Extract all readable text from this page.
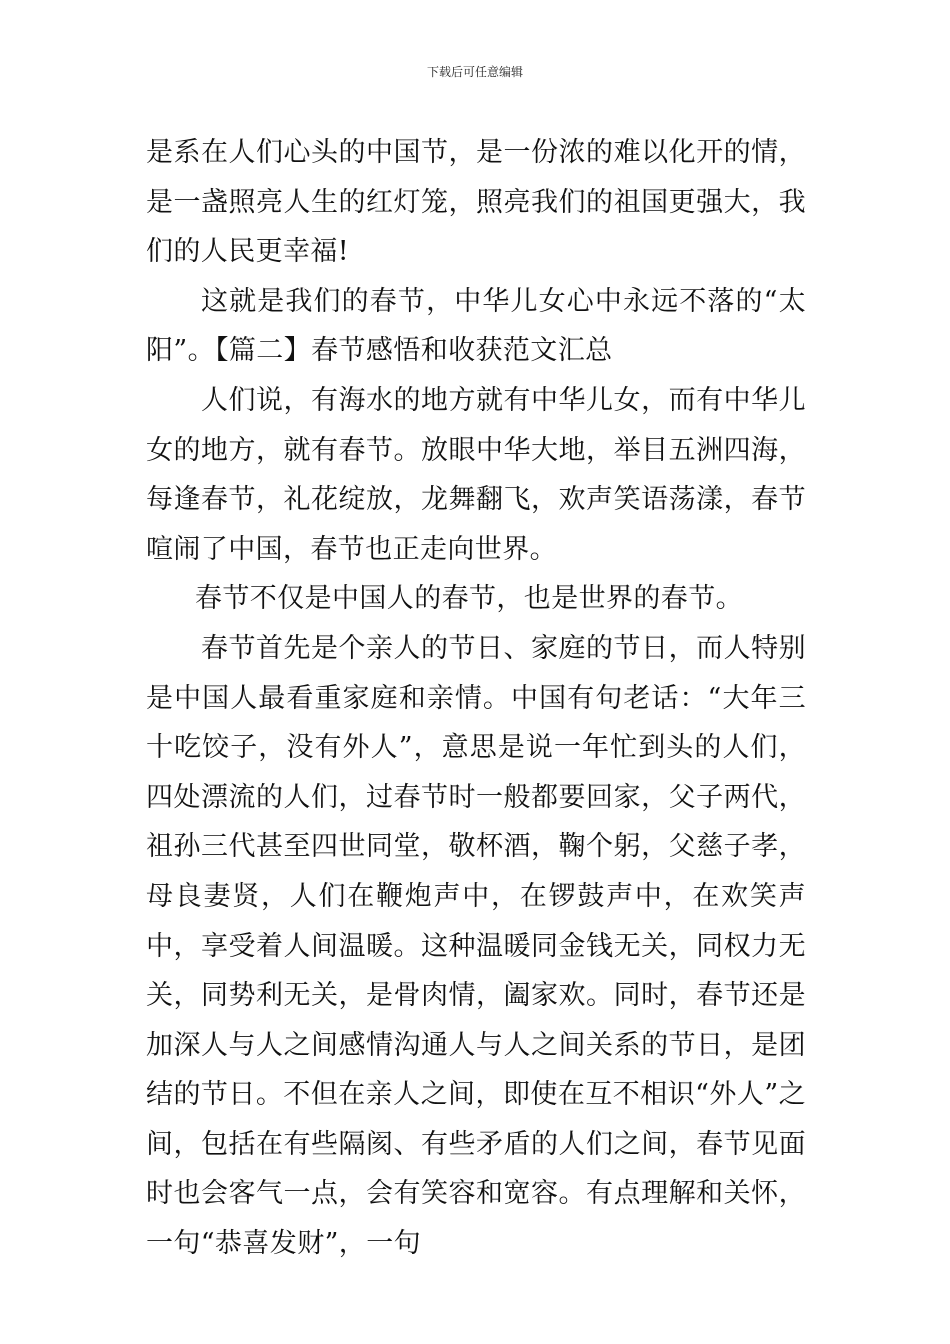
下载后可任意编辑

是系在人们心头的中国节，是一份浓的难以化开的情，是一盏照亮人生的红灯笼，照亮我们的祖国更强大，我们的人民更幸福!

这就是我们的春节，中华儿女心中永远不落的“太阳”。【篇二】春节感悟和收获范文汇总

人们说，有海水的地方就有中华儿女，而有中华儿女的地方，就有春节。放眼中华大地，举目五洲四海，每逢春节，礼花绽放，龙舞翻飞，欢声笑语荡漾，春节喧闹了中国，春节也正走向世界。

春节不仅是中国人的春节，也是世界的春节。

春节首先是个亲人的节日、家庭的节日，而人特别是中国人最看重家庭和亲情。中国有句老话：“大年三十吃饺子，没有外人”，意思是说一年忙到头的人们，四处漂流的人们，过春节时一般都要回家，父子两代，祖孙三代甚至四世同堂，敬杯酒，鞠个躬，父慈子孝，母良妻贤，人们在鞭炮声中，在锣鼓声中，在欢笑声中，享受着人间温暖。这种温暖同金钱无关，同权力无关，同势利无关，是骨肉情，阖家欢。同时，春节还是加深人与人之间感情沟通人与人之间关系的节日，是团结的节日。不但在亲人之间，即使在互不相识“外人”之间，包括在有些隔阂、有些矛盾的人们之间，春节见面时也会客气一点，会有笑容和宽容。有点理解和关怀，一句“恭喜发财”，一句
